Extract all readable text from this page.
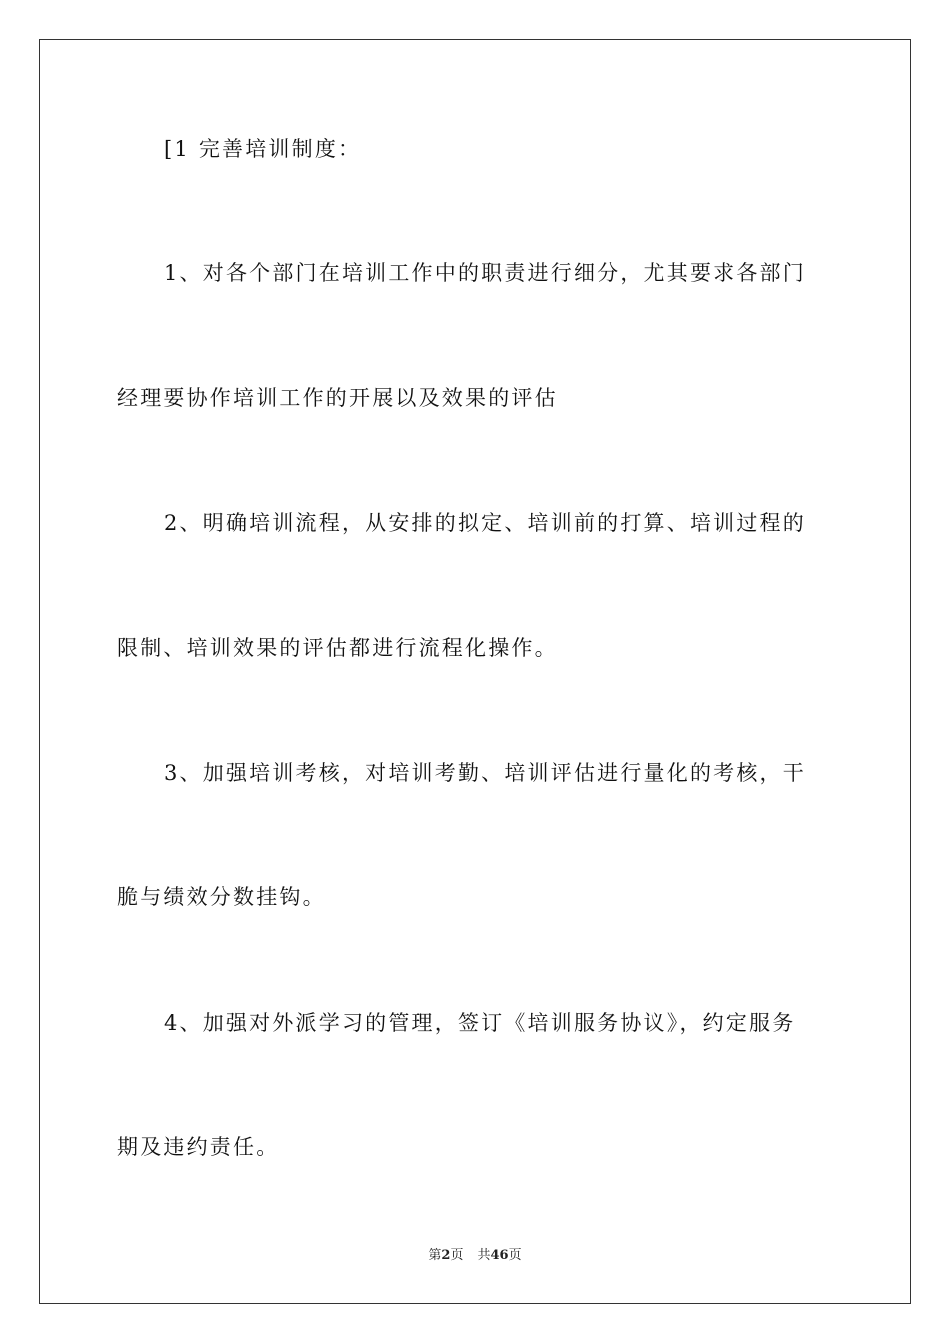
[1 完善培训制度：
1、对各个部门在培训工作中的职责进行细分，尤其要求各部门
经理要协作培训工作的开展以及效果的评估
2、明确培训流程，从安排的拟定、培训前的打算、培训过程的
限制、培训效果的评估都进行流程化操作。
3、加强培训考核，对培训考勤、培训评估进行量化的考核，干
脆与绩效分数挂钩。
4、加强对外派学习的管理，签订《培训服务协议》，约定服务
期及违约责任。
第2页 共46页
